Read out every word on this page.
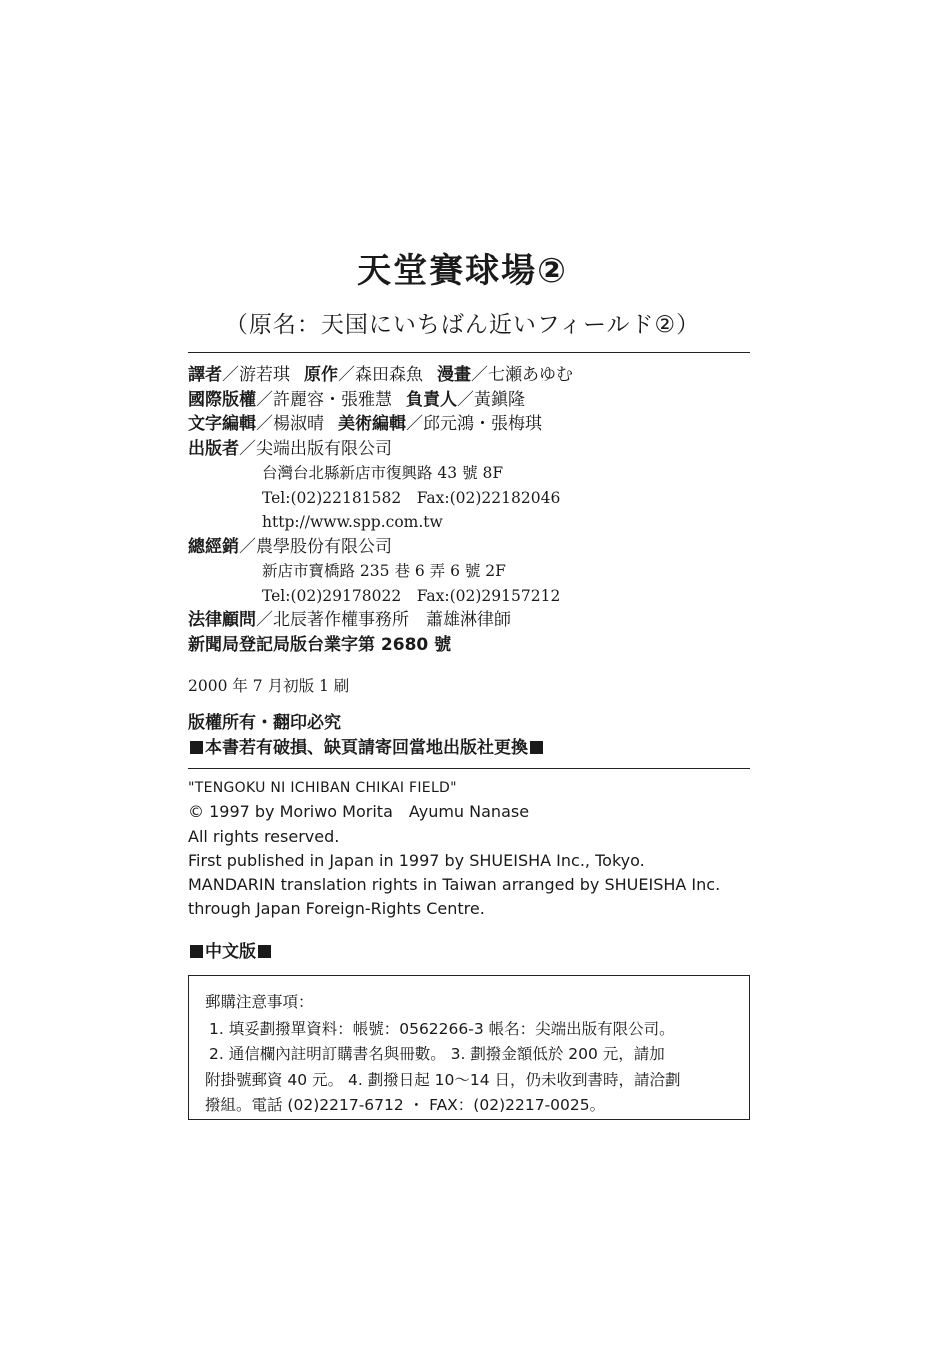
天堂賽球場②
（原名：天国にいちばん近いフィールド②）
譯者／游若琪 原作／森田森魚 漫畫／七瀬あゆむ
國際版權／許麗容・張雅慧 負責人／黃鎭隆
文字編輯／楊淑晴 美術編輯／邱元鴻・張梅琪
出版者／尖端出版有限公司
台灣台北縣新店市復興路 43 號 8F
Tel:(02)22181582　Fax:(02)22182046
http://www.spp.com.tw
總經銷／農學股份有限公司
新店市寶橋路 235 巷 6 弄 6 號 2F
Tel:(02)29178022　Fax:(02)29157212
法律顧問／北辰著作權事務所　蕭雄淋律師
新聞局登記局版台業字第 2680 號
2000 年 7 月初版 1 刷
版權所有・翻印必究
本書若有破損、缺頁請寄回當地出版社更換
"TENGOKU NI ICHIBAN CHIKAI FIELD"
© 1997 by Moriwo Morita　Ayumu Nanase
All rights reserved.
First published in Japan in 1997 by SHUEISHA Inc., Tokyo.
MANDARIN translation rights in Taiwan arranged by SHUEISHA Inc.
through Japan Foreign-Rights Centre.
中文版
郵購注意事項：
1. 填妥劃撥單資料：帳號：0562266-3 帳名：尖端出版有限公司。
2. 通信欄內註明訂購書名與冊數。 3. 劃撥金額低於 200 元，請加
附掛號郵資 40 元。 4. 劃撥日起 10～14 日，仍未收到書時，請洽劃
撥組。電話 (02)2217-6712 ・ FAX：(02)2217-0025。
